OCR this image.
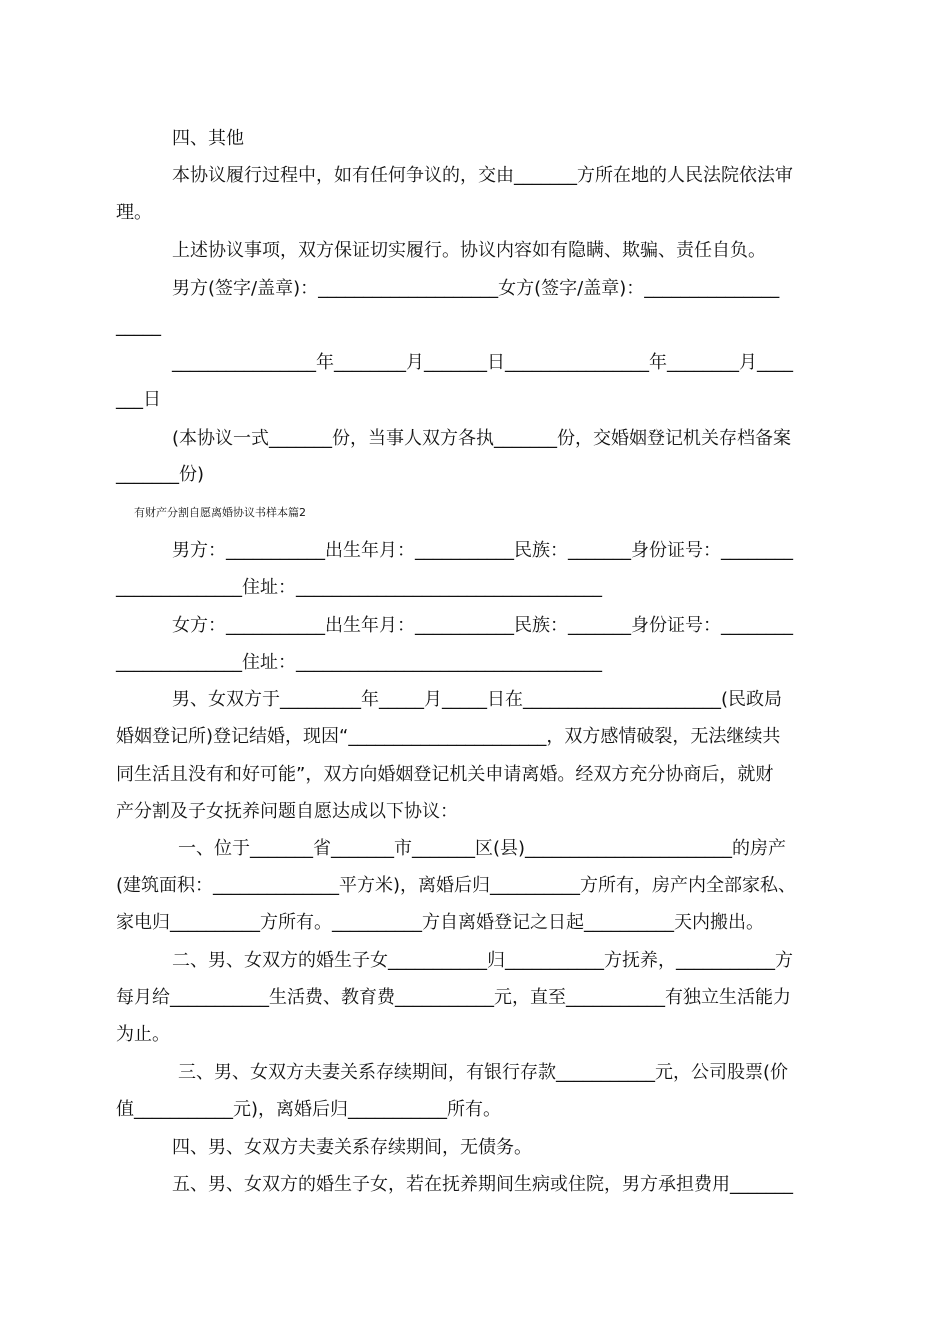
四、其他

本协议履行过程中，如有任何争议的，交由_______方所在地的人民法院依法审

理。

上述协议事项，双方保证切实履行。协议内容如有隐瞒、欺骗、责任自负。

男方(签字/盖章)：____________________女方(签字/盖章)：_______________

_____

________________年________月_______日________________年________月____

___日

(本协议一式_______份，当事人双方各执_______份，交婚姻登记机关存档备案

_______份)

有财产分割自愿离婚协议书样本篇2

男方：___________出生年月：___________民族：_______身份证号：________

______________住址：__________________________________

女方：___________出生年月：___________民族：_______身份证号：________

______________住址：__________________________________

男、女双方于_________年_____月_____日在______________________(民政局

婚姻登记所)登记结婚，现因“______________________，双方感情破裂，无法继续共

同生活且没有和好可能”，双方向婚姻登记机关申请离婚。经双方充分协商后，就财

产分割及子女抚养问题自愿达成以下协议：

一、位于_______省_______市_______区(县)_______________________的房产

(建筑面积：______________平方米)，离婚后归__________方所有，房产内全部家私、

家电归__________方所有。__________方自离婚登记之日起__________天内搬出。

二、男、女双方的婚生子女___________归___________方抚养，___________方

每月给___________生活费、教育费___________元，直至___________有独立生活能力

为止。

三、男、女双方夫妻关系存续期间，有银行存款___________元，公司股票(价

值___________元)，离婚后归___________所有。

四、男、女双方夫妻关系存续期间，无债务。

五、男、女双方的婚生子女，若在抚养期间生病或住院，男方承担费用_______
